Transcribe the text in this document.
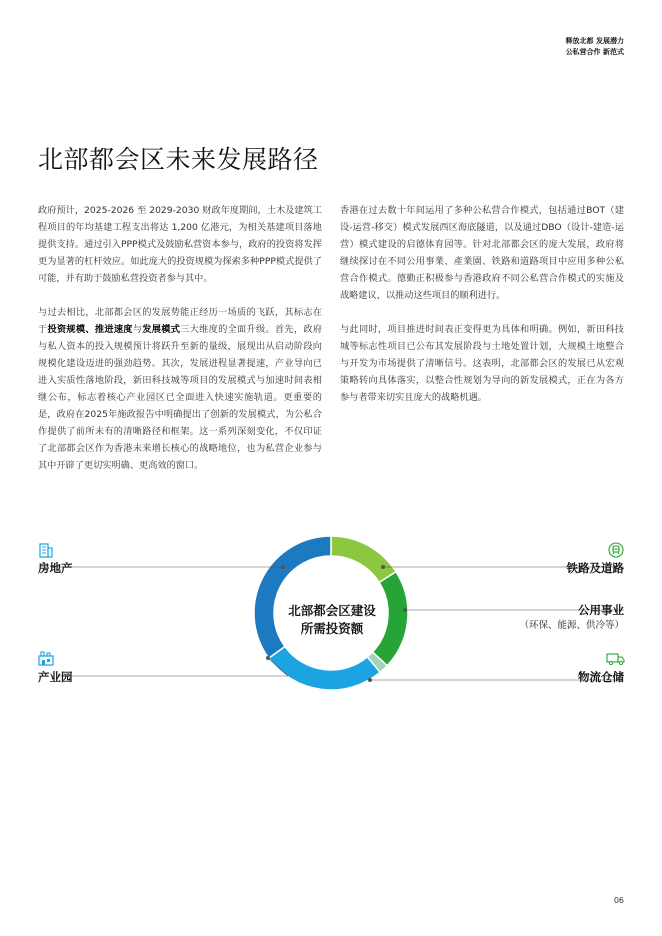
释放北都 发展潜力
公私营合作 新范式
北部都会区未来发展路径

政府预计，2025-2026 至 2029-2030 财政年度期间，土木及建筑工程项目的年均基建工程支出将达 1,200 亿港元，为相关基建项目落地提供支持。通过引入PPP模式及鼓励私营资本参与，政府的投资将发挥更为显著的杠杆效应。如此庞大的投资规模为探索多种PPP模式提供了可能，并有助于鼓励私营投资者参与其中。

与过去相比，北部都会区的发展势能正经历一场质的飞跃，其标志在于投资规模、推进速度与发展模式三大维度的全面升级。首先，政府与私人资本的投入规模预计将跃升至新的量级，展现出从启动阶段向规模化建设迈进的强劲趋势。其次，发展进程显著提速，产业导向已进入实质性落地阶段，新田科技城等项目的发展模式与加速时间表相继公布，标志着核心产业园区已全面进入快速实施轨道。更重要的是，政府在2025年施政报告中明确提出了创新的发展模式，为公私合作提供了前所未有的清晰路径和框架。这一系列深刻变化，不仅印证了北部都会区作为香港未来增长核心的战略地位，也为私营企业参与其中开辟了更切实明确、更高效的窗口。

香港在过去数十年间运用了多种公私营合作模式，包括通过BOT（建设-运营-移交）模式发展西区海底隧道，以及通过DBO（设计-建造-运营）模式建设的启德体育园等。针对北部都会区的庞大发展，政府将继续探讨在不同公用事業、產業園、铁路和道路项目中应用多种公私营合作模式。德勤正积极参与香港政府不同公私营合作模式的实施及战略建议，以推动这些项目的顺利进行。

与此同时，项目推进时间表正变得更为具体和明确。例如，新田科技城等标志性项目已公布其发展阶段与土地处置计划，大规模土地整合与开发为市场提供了清晰信号。这表明，北部都会区的发展已从宏观策略转向具体落实，以整合性规划为导向的新发展模式，正在为各方参与者带来切实且庞大的战略机遇。

北部都会区建设
所需投资额
房地产
产业园
铁路及道路
公用事业
（环保、能源、供冷等）
物流仓储
06
